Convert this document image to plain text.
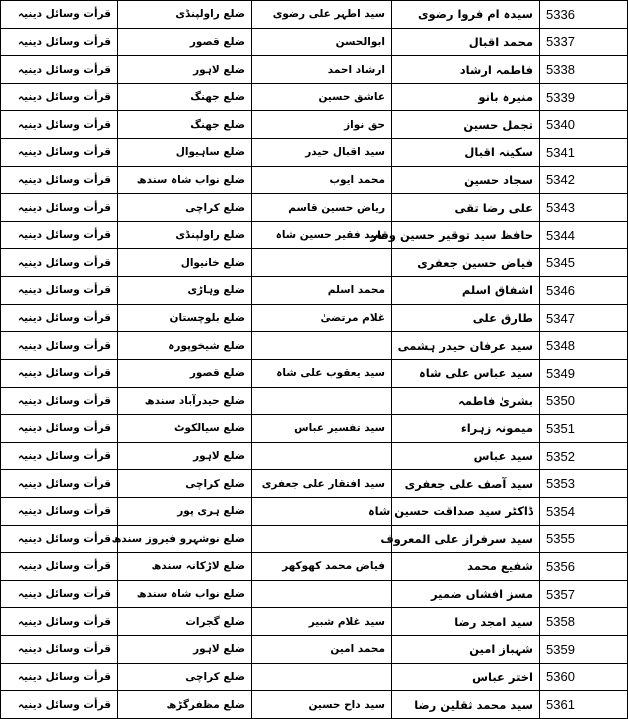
قرأت وسائل دینیہ	ضلع راولپنڈی	سید اطہر علی رضوی	سیدہ ام فروا رضوی	5336
قرأت وسائل دینیہ	ضلع قصور	ابوالحسن	محمد اقبال	5337
قرأت وسائل دینیہ	ضلع لاہور	ارشاد احمد	فاطمہ ارشاد	5338
قرأت وسائل دینیہ	ضلع جھنگ	عاشق حسین	منیرہ بانو	5339
قرأت وسائل دینیہ	ضلع جھنگ	حق نواز	تجمل حسین	5340
قرأت وسائل دینیہ	ضلع ساہیوال	سید اقبال حیدر	سکینہ اقبال	5341
قرأت وسائل دینیہ	ضلع نواب شاہ سندھ	محمد ایوب	سجاد حسین	5342
قرأت وسائل دینیہ	ضلع کراچی	ریاض حسین قاسم	علی رضا تقی	5343
قرأت وسائل دینیہ	ضلع راولپنڈی	سید فقیر حسین شاہ	حافظ سید توقیر حسین وقار	5344
قرأت وسائل دینیہ	ضلع خانیوال		فیاض حسین جعفری	5345
قرأت وسائل دینیہ	ضلع وہاڑی	محمد اسلم	اشفاق اسلم	5346
قرأت وسائل دینیہ	ضلع بلوچستان	غلام مرتضیٰ	طارق علی	5347
قرأت وسائل دینیہ	ضلع شیخوپورہ		سید عرفان حیدر ہشمی	5348
قرأت وسائل دینیہ	ضلع قصور	سید یعقوب علی شاہ	سید عباس علی شاہ	5349
قرأت وسائل دینیہ	ضلع حیدرآباد سندھ		بشریٰ فاطمہ	5350
قرأت وسائل دینیہ	ضلع سیالکوٹ	سید تفسیر عباس	میمونہ زہراء	5351
قرأت وسائل دینیہ	ضلع لاہور		سید عباس	5352
قرأت وسائل دینیہ	ضلع کراچی	سید افتقار علی جعفری	سید آصف علی جعفری	5353
قرأت وسائل دینیہ	ضلع ہری پور		ڈاکٹر سید صداقت حسین شاہ	5354
قرأت وسائل دینیہ	ضلع نوشہرو فیروز سندھ		سید سرفراز علی المعروف	5355
قرأت وسائل دینیہ	ضلع لاڑکانہ سندھ	فیاض محمد کھوکھر	شفیع محمد	5356
قرأت وسائل دینیہ	ضلع نواب شاہ سندھ		مسز افشاں ضمیر	5357
قرأت وسائل دینیہ	ضلع گجرات	سید غلام شبیر	سید امجد رضا	5358
قرأت وسائل دینیہ	ضلع لاہور	محمد امین	شہباز امین	5359
قرأت وسائل دینیہ	ضلع کراچی		اختر عباس	5360
قرأت وسائل دینیہ	ضلع مظفرگڑھ	سید داح حسین	سید محمد ثقلین رضا	5361
